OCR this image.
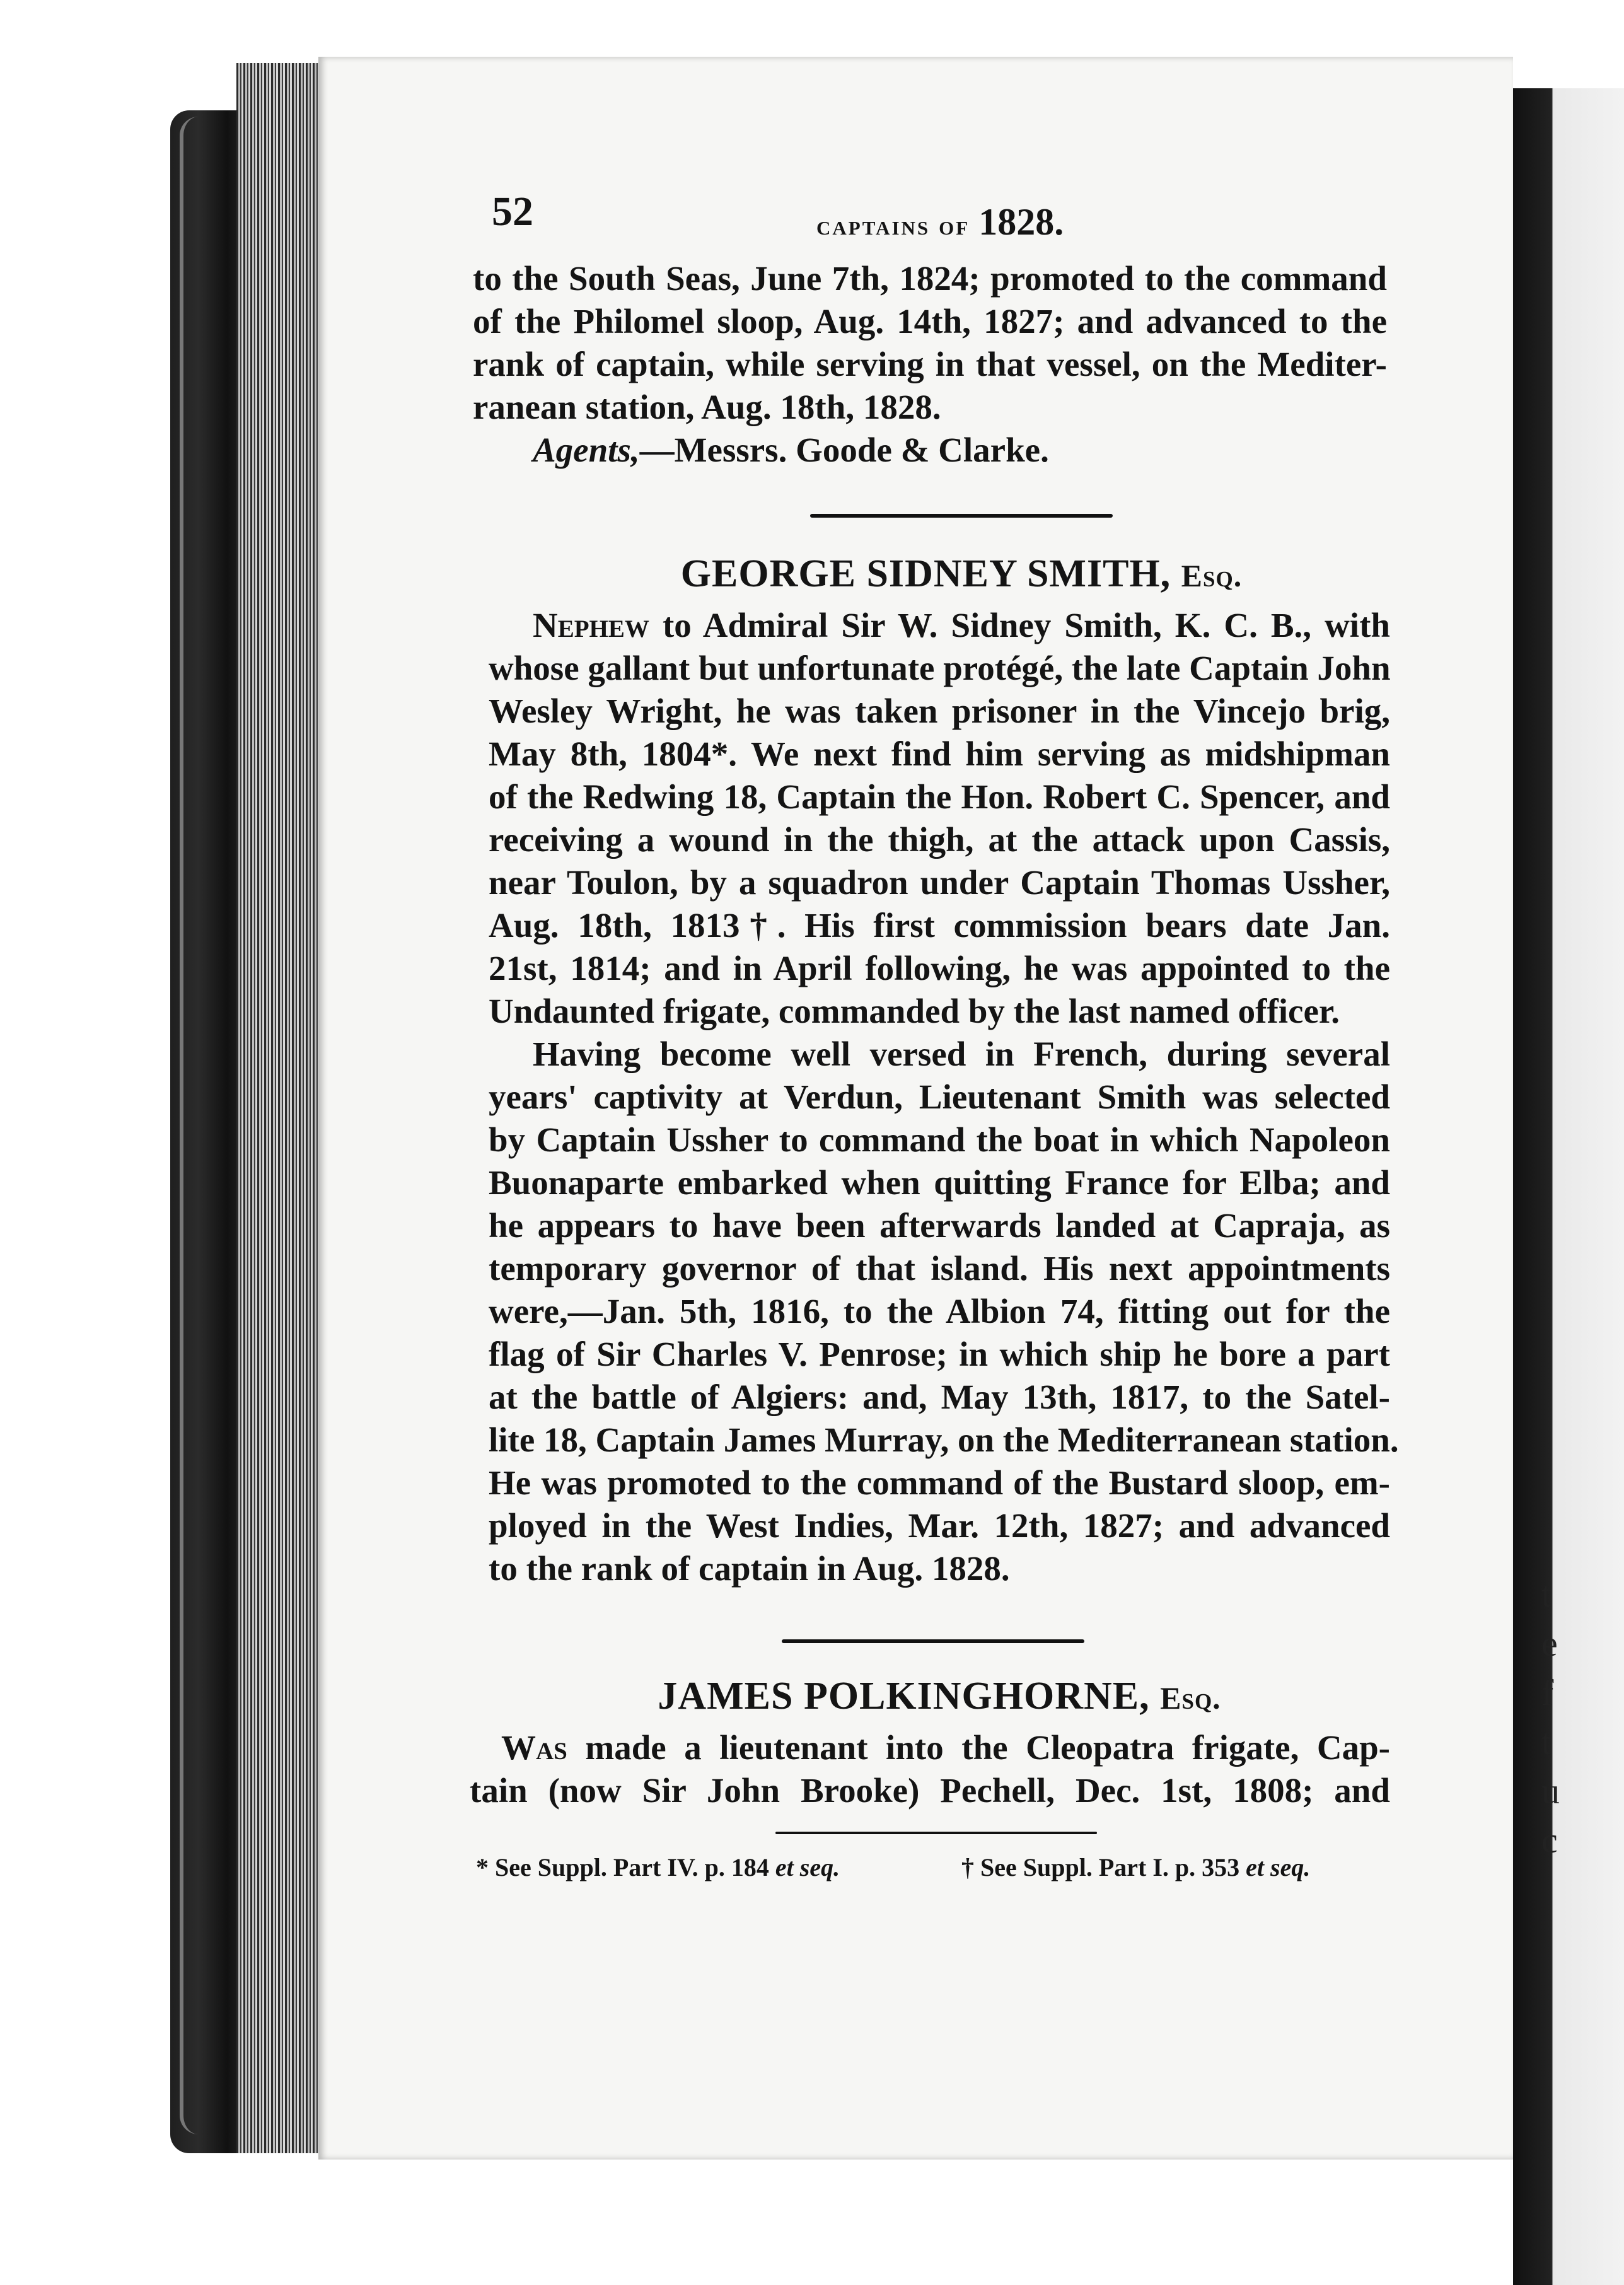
t
e
f
t
u
c
52	captains of 1828.
to the South Seas, June 7th, 1824; promoted to the command
of the Philomel sloop, Aug. 14th, 1827; and advanced to the
rank of captain, while serving in that vessel, on the Mediter-
ranean station, Aug. 18th, 1828.
Agents,—Messrs. Goode & Clarke.
GEORGE SIDNEY SMITH, Esq.
Nephew to Admiral Sir W. Sidney Smith, K. C. B., with
whose gallant but unfortunate protégé, the late Captain John
Wesley Wright, he was taken prisoner in the Vincejo brig,
May 8th, 1804*. We next find him serving as midshipman
of the Redwing 18, Captain the Hon. Robert C. Spencer, and
receiving a wound in the thigh, at the attack upon Cassis,
near Toulon, by a squadron under Captain Thomas Ussher,
Aug. 18th, 1813†. His first commission bears date Jan.
21st, 1814; and in April following, he was appointed to the
Undaunted frigate, commanded by the last named officer.
Having become well versed in French, during several
years' captivity at Verdun, Lieutenant Smith was selected
by Captain Ussher to command the boat in which Napoleon
Buonaparte embarked when quitting France for Elba; and
he appears to have been afterwards landed at Capraja, as
temporary governor of that island. His next appointments
were,—Jan. 5th, 1816, to the Albion 74, fitting out for the
flag of Sir Charles V. Penrose; in which ship he bore a part
at the battle of Algiers: and, May 13th, 1817, to the Satel-
lite 18, Captain James Murray, on the Mediterranean station.
He was promoted to the command of the Bustard sloop, em-
ployed in the West Indies, Mar. 12th, 1827; and advanced
to the rank of captain in Aug. 1828.
JAMES POLKINGHORNE, Esq.
Was made a lieutenant into the Cleopatra frigate, Cap-
tain (now Sir John Brooke) Pechell, Dec. 1st, 1808; and
* See Suppl. Part IV. p. 184 et seq.	† See Suppl. Part I. p. 353 et seq.
